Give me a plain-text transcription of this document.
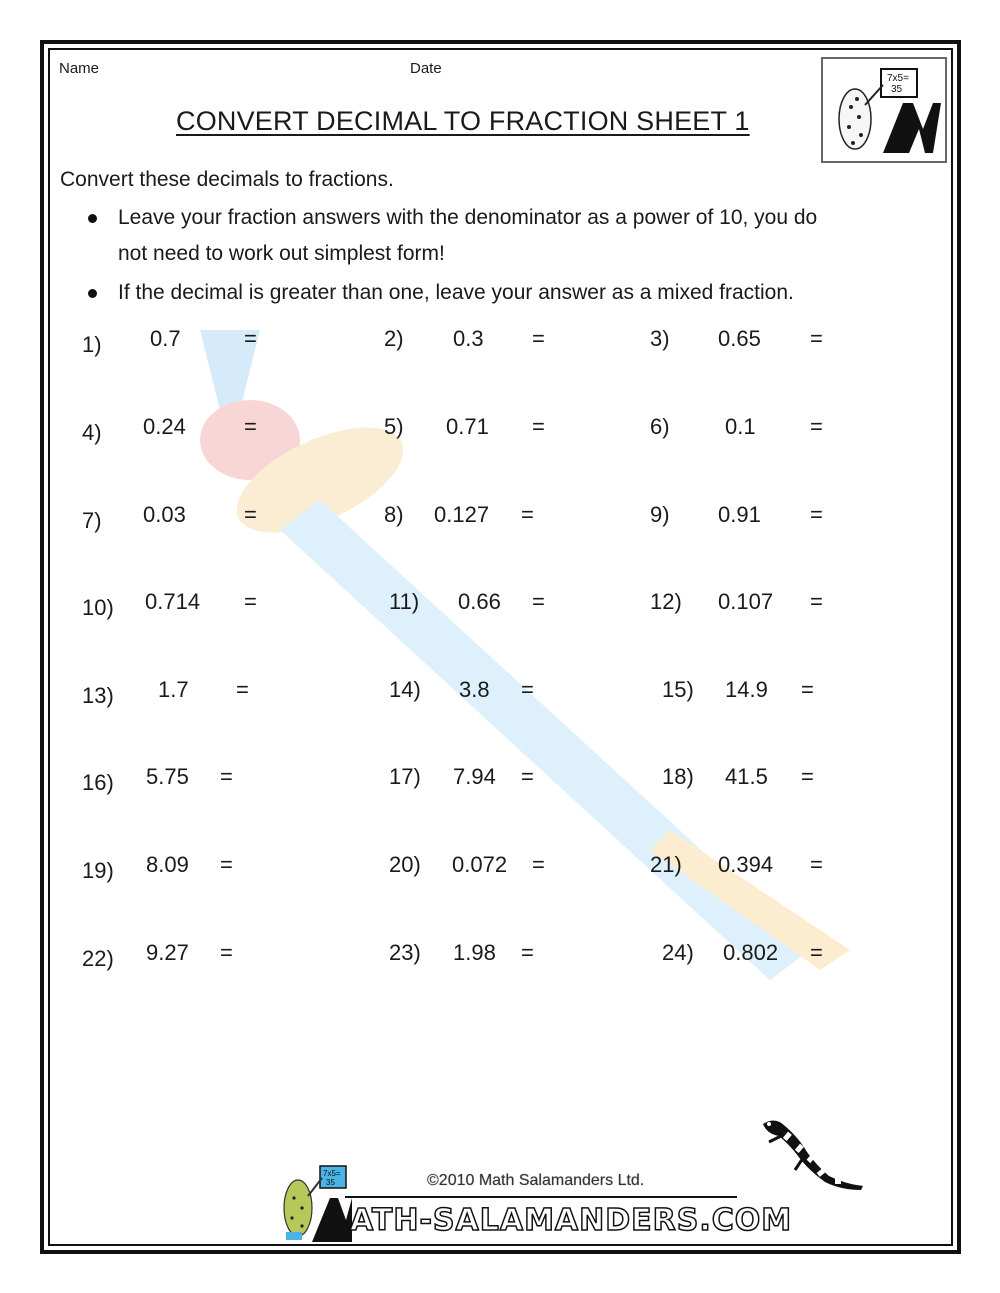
Name	Date
CONVERT DECIMAL TO FRACTION SHEET 1
7x5=
35
Convert these decimals to fractions.
Leave your fraction answers with the denominator as a power of 10, you do
not need to work out simplest form!
If the decimal is greater than one, leave your answer as a mixed fraction.
1) 0.7	=	2) 0.3 =	3) 0.65 =
4) 0.24	=	5) 0.71 =	6)	0.1 =
7) 0.03	=	8) 0.127 =	9) 0.91 =
10) 0.714 =	11) 0.66 =	12) 0.107 =
13) 1.7 =	14) 3.8 =	15) 14.9 =
16) 5.75 =	17) 7.94 =	18) 41.5 =
19) 8.09 =	20) 0.072 =	21) 0.394 =
22) 9.27 =	23) 1.98 =	24) 0.802 =
7x5=
35	©2010 Math Salamanders Ltd.
ATH-SALAMANDERS.COM
